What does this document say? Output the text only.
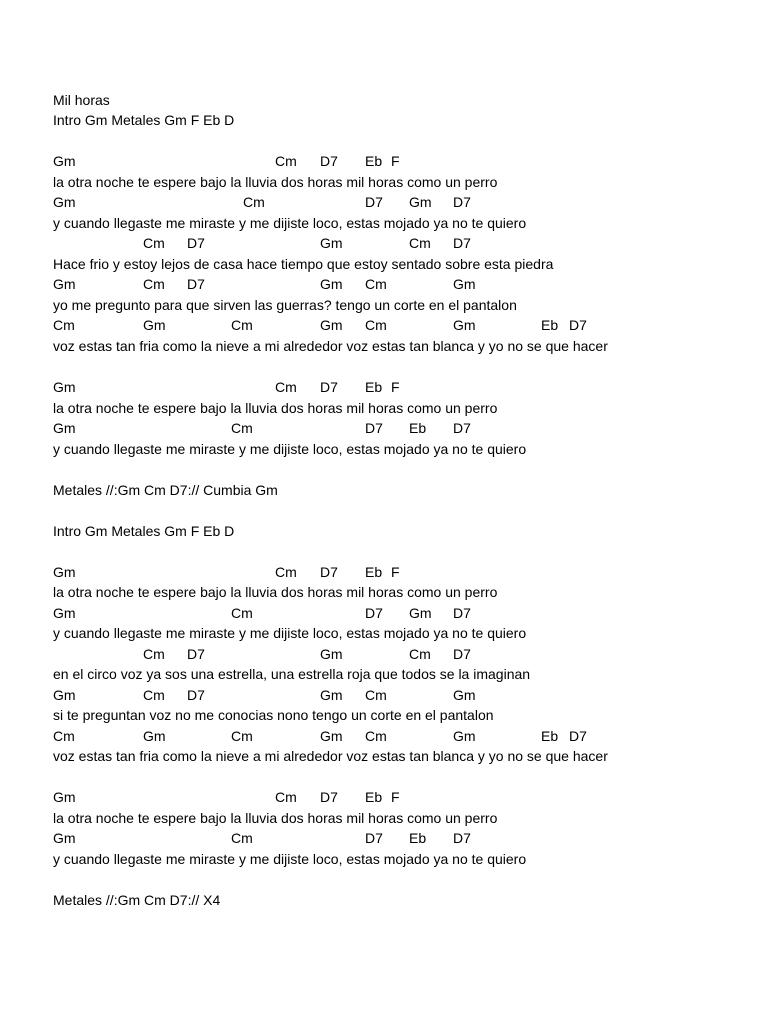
Mil horas
Intro Gm Metales Gm F Eb D
Gm	Cm D7 Eb F
la otra noche te espere bajo la lluvia dos horas mil horas como un perro
Gm	Cm	D7 Gm D7
y cuando llegaste me miraste y me dijiste loco, estas mojado ya no te quiero
Cm D7	Gm	Cm D7
Hace frio y estoy lejos de casa hace tiempo que estoy sentado sobre esta piedra
Gm	Cm D7	Gm Cm	Gm
yo me pregunto para que sirven las guerras? tengo un corte en el pantalon
Cm	Gm	Cm	Gm Cm	Gm	Eb D7
voz estas tan fria como la nieve a mi alrededor voz estas tan blanca y yo no se que hacer
Gm	Cm D7 Eb F
la otra noche te espere bajo la lluvia dos horas mil horas como un perro
Gm	Cm	D7 Eb D7
y cuando llegaste me miraste y me dijiste loco, estas mojado ya no te quiero
Metales //:Gm Cm D7:// Cumbia Gm
Intro Gm Metales Gm F Eb D
Gm	Cm D7 Eb F
la otra noche te espere bajo la lluvia dos horas mil horas como un perro
Gm	Cm	D7 Gm D7
y cuando llegaste me miraste y me dijiste loco, estas mojado ya no te quiero
Cm D7	Gm	Cm D7
en el circo voz ya sos una estrella, una estrella roja que todos se la imaginan
Gm	Cm D7	Gm Cm	Gm
si te preguntan voz no me conocias nono tengo un corte en el pantalon
Cm	Gm	Cm	Gm Cm	Gm	Eb D7
voz estas tan fria como la nieve a mi alrededor voz estas tan blanca y yo no se que hacer
Gm	Cm D7 Eb F
la otra noche te espere bajo la lluvia dos horas mil horas como un perro
Gm	Cm	D7 Eb D7
y cuando llegaste me miraste y me dijiste loco, estas mojado ya no te quiero
Metales //:Gm Cm D7:// X4
